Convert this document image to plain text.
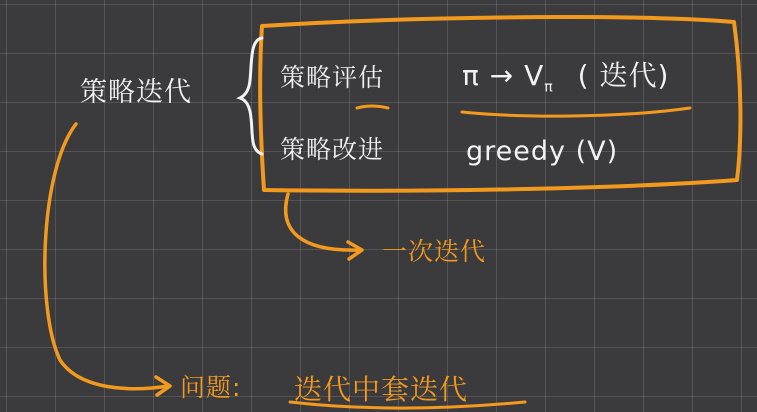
策略迭代	策略评估	$\pi \to V_\pi$ ( 迭代)
策略改进	greedy (V)
一次迭代
问题: 迭代中套迭代
